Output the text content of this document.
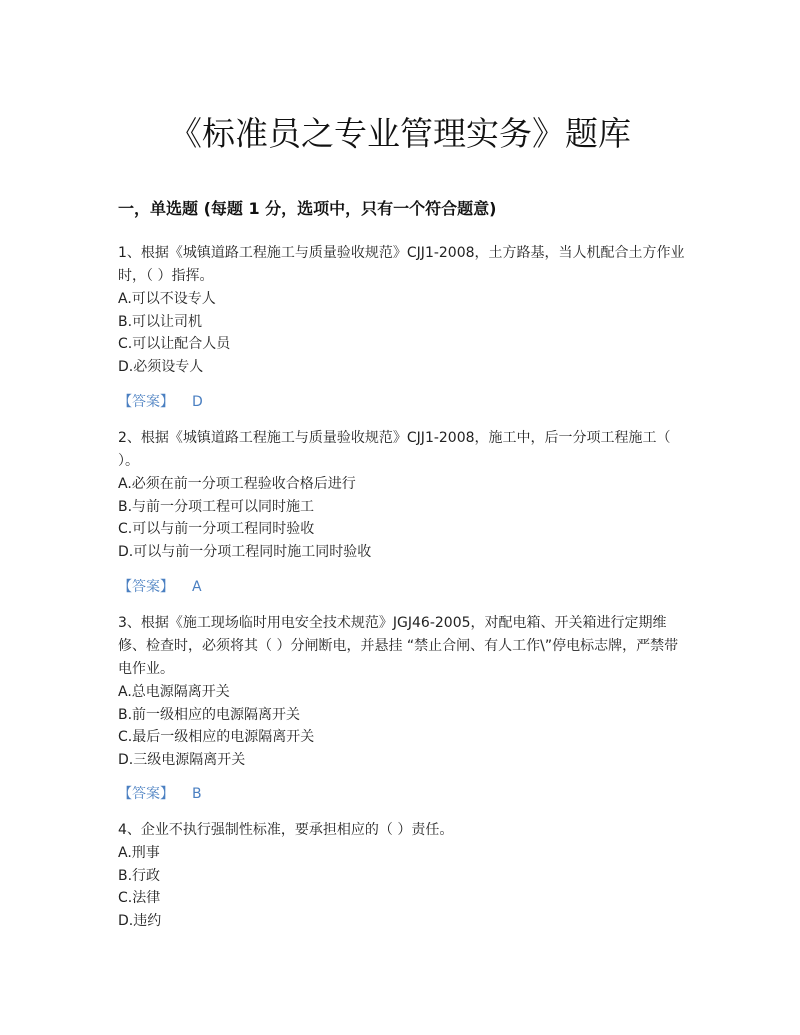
《标准员之专业管理实务》题库
一，单选题 (每题 1 分，选项中，只有一个符合题意)

1、根据《城镇道路工程施工与质量验收规范》CJJ1-2008，土方路基，当人机配合土方作业时，（ ）指挥。

A.可以不设专人

B.可以让司机

C.可以让配合人员

D.必须设专人

【答案】 D

2、根据《城镇道路工程施工与质量验收规范》CJJ1-2008，施工中，后一分项工程施工（ ）。

A.必须在前一分项工程验收合格后进行

B.与前一分项工程可以同时施工

C.可以与前一分项工程同时验收

D.可以与前一分项工程同时施工同时验收

【答案】 A

3、根据《施工现场临时用电安全技术规范》JGJ46-2005，对配电箱、开关箱进行定期维修、检查时，必须将其（ ）分闸断电，并悬挂 “禁止合闸、有人工作\”停电标志牌，严禁带电作业。

A.总电源隔离开关

B.前一级相应的电源隔离开关

C.最后一级相应的电源隔离开关

D.三级电源隔离开关

【答案】 B

4、企业不执行强制性标准，要承担相应的（ ）责任。

A.刑事

B.行政

C.法律

D.违约
